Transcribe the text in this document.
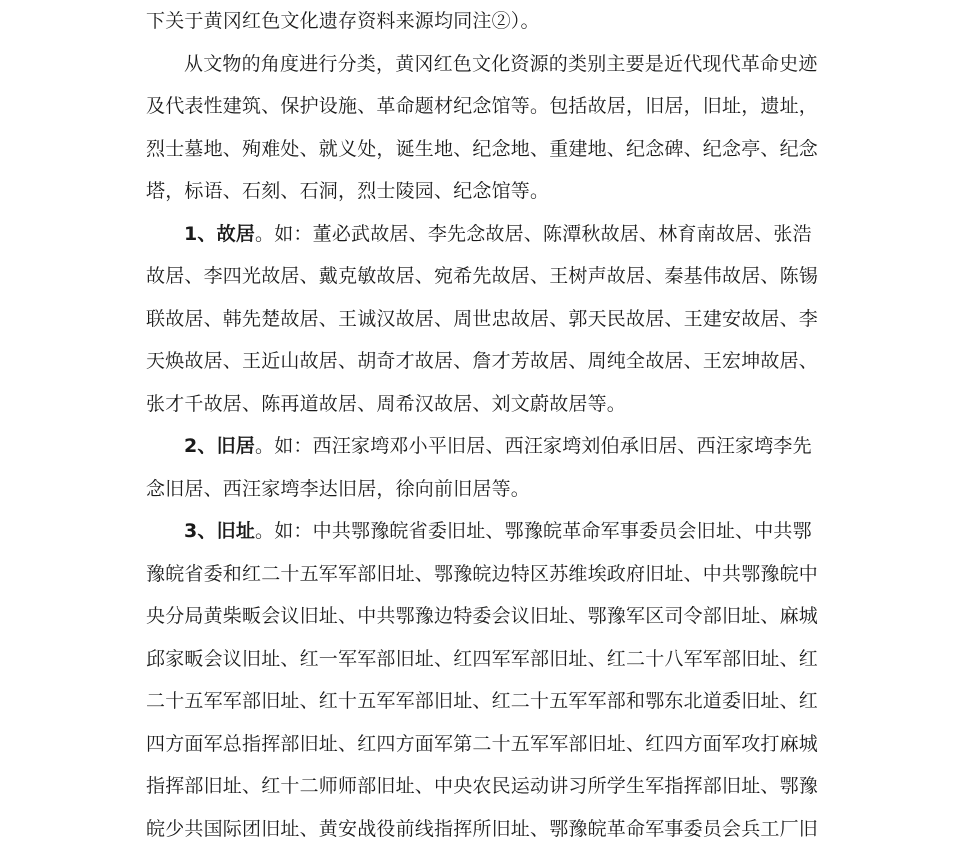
下关于黄冈红色文化遗存资料来源均同注②）。
从文物的角度进行分类，黄冈红色文化资源的类别主要是近代现代革命史迹
及代表性建筑、保护设施、革命题材纪念馆等。包括故居，旧居，旧址，遗址，
烈士墓地、殉难处、就义处，诞生地、纪念地、重建地、纪念碑、纪念亭、纪念
塔，标语、石刻、石洞，烈士陵园、纪念馆等。
1、故居。如：董必武故居、李先念故居、陈潭秋故居、林育南故居、张浩
故居、李四光故居、戴克敏故居、宛希先故居、王树声故居、秦基伟故居、陈锡
联故居、韩先楚故居、王诚汉故居、周世忠故居、郭天民故居、王建安故居、李
天焕故居、王近山故居、胡奇才故居、詹才芳故居、周纯全故居、王宏坤故居、
张才千故居、陈再道故居、周希汉故居、刘文蔚故居等。
2、旧居。如：西汪家塆邓小平旧居、西汪家塆刘伯承旧居、西汪家塆李先
念旧居、西汪家塆李达旧居，徐向前旧居等。
3、旧址。如：中共鄂豫皖省委旧址、鄂豫皖革命军事委员会旧址、中共鄂
豫皖省委和红二十五军军部旧址、鄂豫皖边特区苏维埃政府旧址、中共鄂豫皖中
央分局黄柴畈会议旧址、中共鄂豫边特委会议旧址、鄂豫军区司令部旧址、麻城
邱家畈会议旧址、红一军军部旧址、红四军军部旧址、红二十八军军部旧址、红
二十五军军部旧址、红十五军军部旧址、红二十五军军部和鄂东北道委旧址、红
四方面军总指挥部旧址、红四方面军第二十五军军部旧址、红四方面军攻打麻城
指挥部旧址、红十二师师部旧址、中央农民运动讲习所学生军指挥部旧址、鄂豫
皖少共国际团旧址、黄安战役前线指挥所旧址、鄂豫皖革命军事委员会兵工厂旧
